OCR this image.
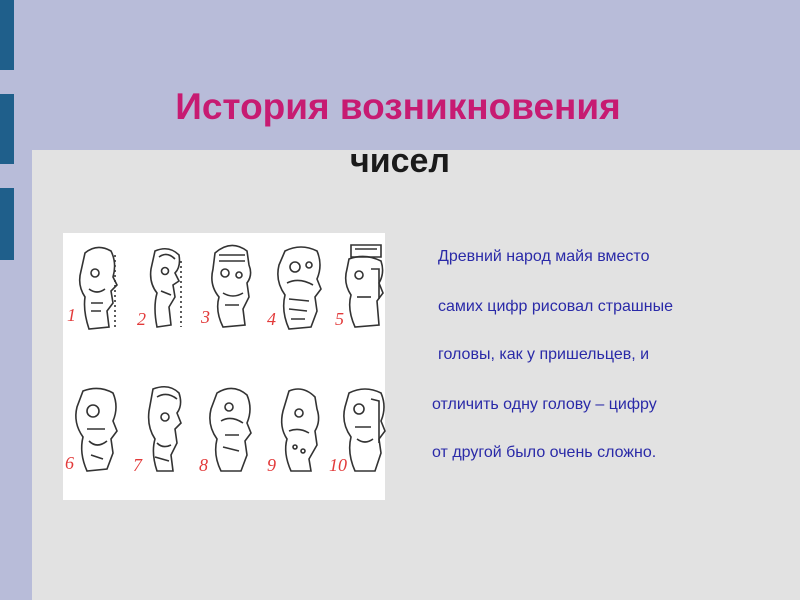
История возникновения
чисел
1	2	3	4	5
6	7	8	9	10
Древний народ майя вместо
самих цифр рисовал страшные
головы, как у пришельцев, и
отличить одну голову – цифру
от другой было очень сложно.
